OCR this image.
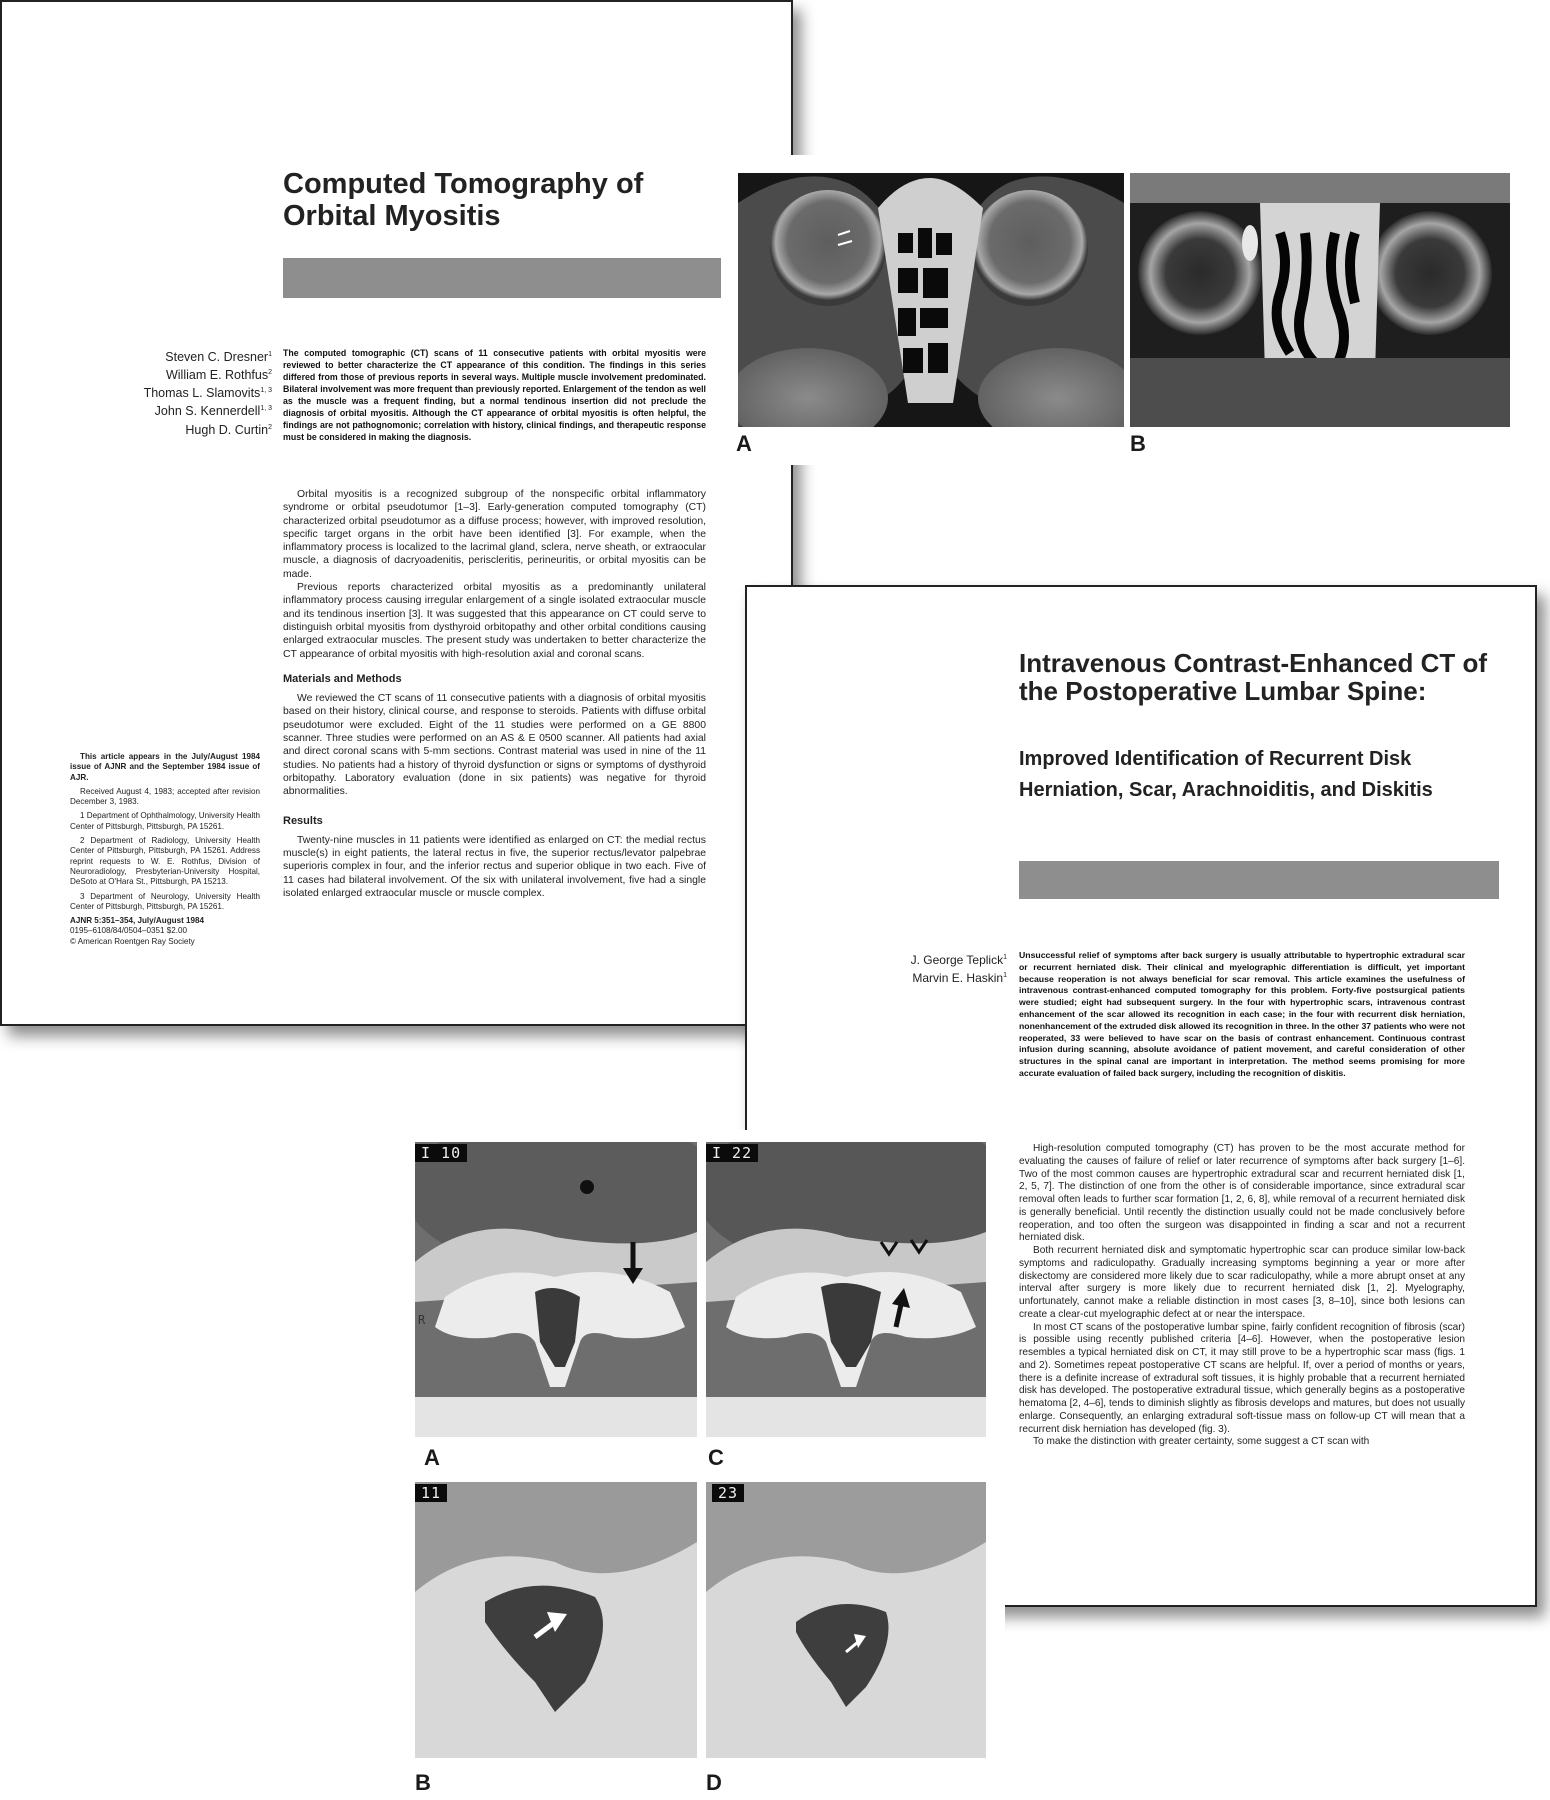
Computed Tomography of Orbital Myositis
Steven C. Dresner$^1$
William E. Rothfus$^2$
Thomas L. Slamovits$^{1, 3}$
John S. Kennerdell$^{1, 3}$
Hugh D. Curtin$^2$
The computed tomographic (CT) scans of 11 consecutive patients with orbital myositis were reviewed to better characterize the CT appearance of this condition. The findings in this series differed from those of previous reports in several ways. Multiple muscle involvement predominated. Bilateral involvement was more frequent than previously reported. Enlargement of the tendon as well as the muscle was a frequent finding, but a normal tendinous insertion did not preclude the diagnosis of orbital myositis. Although the CT appearance of orbital myositis is often helpful, the findings are not pathognomonic; correlation with history, clinical findings, and therapeutic response must be considered in making the diagnosis.

Orbital myositis is a recognized subgroup of the nonspecific orbital inflammatory syndrome or orbital pseudotumor [1–3]. Early-generation computed tomography (CT) characterized orbital pseudotumor as a diffuse process; however, with improved resolution, specific target organs in the orbit have been identified [3]. For example, when the inflammatory process is localized to the lacrimal gland, sclera, nerve sheath, or extraocular muscle, a diagnosis of dacryoadenitis, periscleritis, perineuritis, or orbital myositis can be made.

Previous reports characterized orbital myositis as a predominantly unilateral inflammatory process causing irregular enlargement of a single isolated extraocular muscle and its tendinous insertion [3]. It was suggested that this appearance on CT could serve to distinguish orbital myositis from dysthyroid orbitopathy and other orbital conditions causing enlarged extraocular muscles. The present study was undertaken to better characterize the CT appearance of orbital myositis with high-resolution axial and coronal scans.

Materials and Methods

We reviewed the CT scans of 11 consecutive patients with a diagnosis of orbital myositis based on their history, clinical course, and response to steroids. Patients with diffuse orbital pseudotumor were excluded. Eight of the 11 studies were performed on a GE 8800 scanner. Three studies were performed on an AS & E 0500 scanner. All patients had axial and direct coronal scans with 5-mm sections. Contrast material was used in nine of the 11 studies. No patients had a history of thyroid dysfunction or signs or symptoms of dysthyroid orbitopathy. Laboratory evaluation (done in six patients) was negative for thyroid abnormalities.

Results

Twenty-nine muscles in 11 patients were identified as enlarged on CT: the medial rectus muscle(s) in eight patients, the lateral rectus in five, the superior rectus/levator palpebrae superioris complex in four, and the inferior rectus and superior oblique in two each. Five of 11 cases had bilateral involvement. Of the six with unilateral involvement, five had a single isolated enlarged extraocular muscle or muscle complex.

This article appears in the July/August 1984 issue of AJNR and the September 1984 issue of AJR.

Received August 4, 1983; accepted after revision December 3, 1983.

1 Department of Ophthalmology, University Health Center of Pittsburgh, Pittsburgh, PA 15261.

2 Department of Radiology, University Health Center of Pittsburgh, Pittsburgh, PA 15261. Address reprint requests to W. E. Rothfus, Division of Neuroradiology, Presbyterian-University Hospital, DeSoto at O'Hara St., Pittsburgh, PA 15213.

3 Department of Neurology, University Health Center of Pittsburgh, Pittsburgh, PA 15261.

AJNR 5:351–354, July/August 1984
0195–6108/84/0504–0351 $2.00
© American Roentgen Ray Society
A	B
Intravenous Contrast-Enhanced CT of the Postoperative Lumbar Spine:
Improved Identification of Recurrent Disk Herniation, Scar, Arachnoiditis, and Diskitis
J. George Teplick$^1$
Marvin E. Haskin$^1$
Unsuccessful relief of symptoms after back surgery is usually attributable to hypertrophic extradural scar or recurrent herniated disk. Their clinical and myelographic differentiation is difficult, yet important because reoperation is not always beneficial for scar removal. This article examines the usefulness of intravenous contrast-enhanced computed tomography for this problem. Forty-five postsurgical patients were studied; eight had subsequent surgery. In the four with hypertrophic scars, intravenous contrast enhancement of the scar allowed its recognition in each case; in the four with recurrent disk herniation, nonenhancement of the extruded disk allowed its recognition in three. In the other 37 patients who were not reoperated, 33 were believed to have scar on the basis of contrast enhancement. Continuous contrast infusion during scanning, absolute avoidance of patient movement, and careful consideration of other structures in the spinal canal are important in interpretation. The method seems promising for more accurate evaluation of failed back surgery, including the recognition of diskitis.

High-resolution computed tomography (CT) has proven to be the most accurate method for evaluating the causes of failure of relief or later recurrence of symptoms after back surgery [1–6]. Two of the most common causes are hypertrophic extradural scar and recurrent herniated disk [1, 2, 5, 7]. The distinction of one from the other is of considerable importance, since extradural scar removal often leads to further scar formation [1, 2, 6, 8], while removal of a recurrent herniated disk is generally beneficial. Until recently the distinction usually could not be made conclusively before reoperation, and too often the surgeon was disappointed in finding a scar and not a recurrent herniated disk.

Both recurrent herniated disk and symptomatic hypertrophic scar can produce similar low-back symptoms and radiculopathy. Gradually increasing symptoms beginning a year or more after diskectomy are considered more likely due to scar radiculopathy, while a more abrupt onset at any interval after surgery is more likely due to recurrent herniated disk [1, 2]. Myelography, unfortunately, cannot make a reliable distinction in most cases [3, 8–10], since both lesions can create a clear-cut myelographic defect at or near the interspace.

In most CT scans of the postoperative lumbar spine, fairly confident recognition of fibrosis (scar) is possible using recently published criteria [4–6]. However, when the postoperative lesion resembles a typical herniated disk on CT, it may still prove to be a hypertrophic scar mass (figs. 1 and 2). Sometimes repeat postoperative CT scans are helpful. If, over a period of months or years, there is a definite increase of extradural soft tissues, it is highly probable that a recurrent herniated disk has developed. The postoperative extradural tissue, which generally begins as a postoperative hematoma [2, 4–6], tends to diminish slightly as fibrosis develops and matures, but does not usually enlarge. Consequently, an enlarging extradural soft-tissue mass on follow-up CT will mean that a recurrent disk herniation has developed (fig. 3).

To make the distinction with greater certainty, some suggest a CT scan with

I 10
R
A
I 22
C
11
B
23
D
